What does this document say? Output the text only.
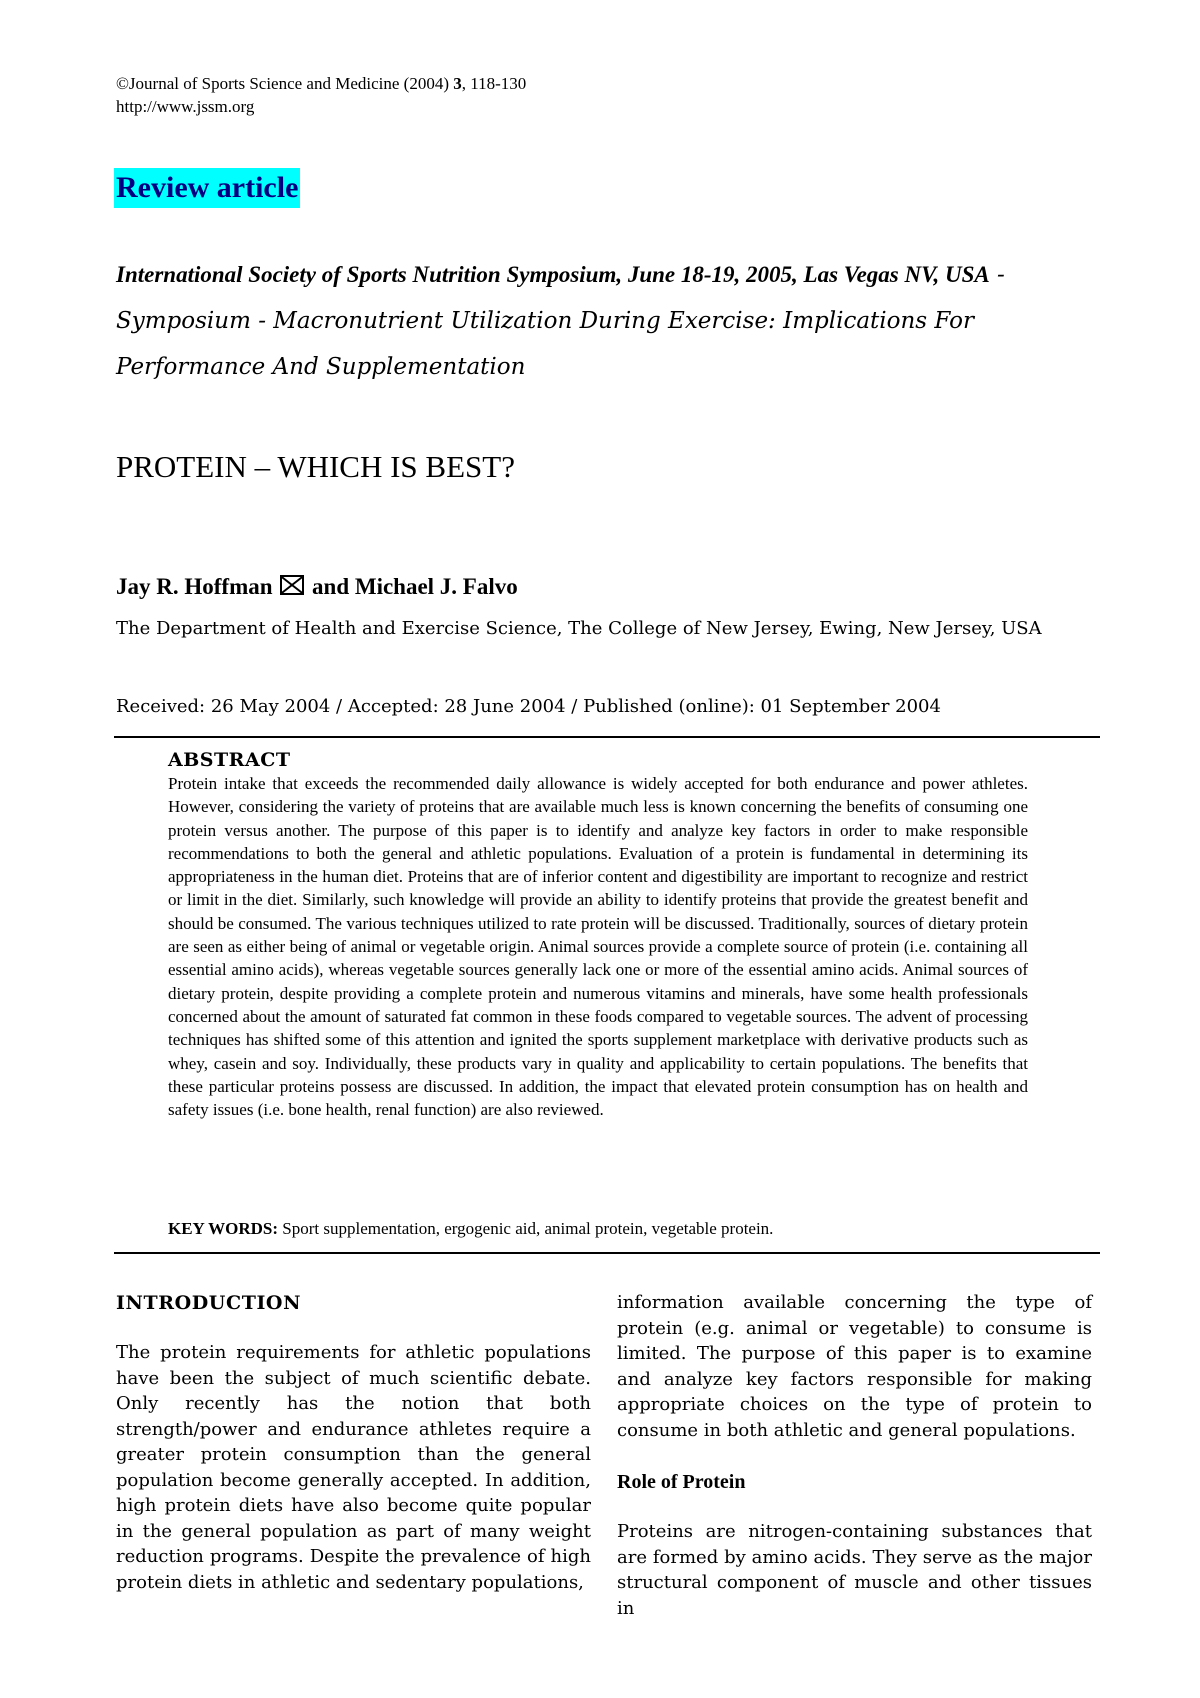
©Journal of Sports Science and Medicine (2004) 3, 118-130
http://www.jssm.org
Review article
International Society of Sports Nutrition Symposium, June 18-19, 2005, Las Vegas NV, USA - Symposium - Macronutrient Utilization During Exercise: Implications For Performance And Supplementation
PROTEIN – WHICH IS BEST?
Jay R. Hoffman  and Michael J. Falvo
The Department of Health and Exercise Science, The College of New Jersey, Ewing, New Jersey, USA
Received: 26 May 2004 / Accepted: 28 June 2004 / Published (online): 01 September 2004
ABSTRACT

Protein intake that exceeds the recommended daily allowance is widely accepted for both endurance and power athletes. However, considering the variety of proteins that are available much less is known concerning the benefits of consuming one protein versus another. The purpose of this paper is to identify and analyze key factors in order to make responsible recommendations to both the general and athletic populations. Evaluation of a protein is fundamental in determining its appropriateness in the human diet. Proteins that are of inferior content and digestibility are important to recognize and restrict or limit in the diet. Similarly, such knowledge will provide an ability to identify proteins that provide the greatest benefit and should be consumed. The various techniques utilized to rate protein will be discussed. Traditionally, sources of dietary protein are seen as either being of animal or vegetable origin. Animal sources provide a complete source of protein (i.e. containing all essential amino acids), whereas vegetable sources generally lack one or more of the essential amino acids. Animal sources of dietary protein, despite providing a complete protein and numerous vitamins and minerals, have some health professionals concerned about the amount of saturated fat common in these foods compared to vegetable sources. The advent of processing techniques has shifted some of this attention and ignited the sports supplement marketplace with derivative products such as whey, casein and soy. Individually, these products vary in quality and applicability to certain populations. The benefits that these particular proteins possess are discussed. In addition, the impact that elevated protein consumption has on health and safety issues (i.e. bone health, renal function) are also reviewed.

KEY WORDS: Sport supplementation, ergogenic aid, animal protein, vegetable protein.
INTRODUCTION

The protein requirements for athletic populations have been the subject of much scientific debate. Only recently has the notion that both strength/power and endurance athletes require a greater protein consumption than the general population become generally accepted. In addition, high protein diets have also become quite popular in the general population as part of many weight reduction programs. Despite the prevalence of high protein diets in athletic and sedentary populations,

information available concerning the type of protein (e.g. animal or vegetable) to consume is limited. The purpose of this paper is to examine and analyze key factors responsible for making appropriate choices on the type of protein to consume in both athletic and general populations.

Role of Protein

Proteins are nitrogen-containing substances that are formed by amino acids. They serve as the major structural component of muscle and other tissues in
